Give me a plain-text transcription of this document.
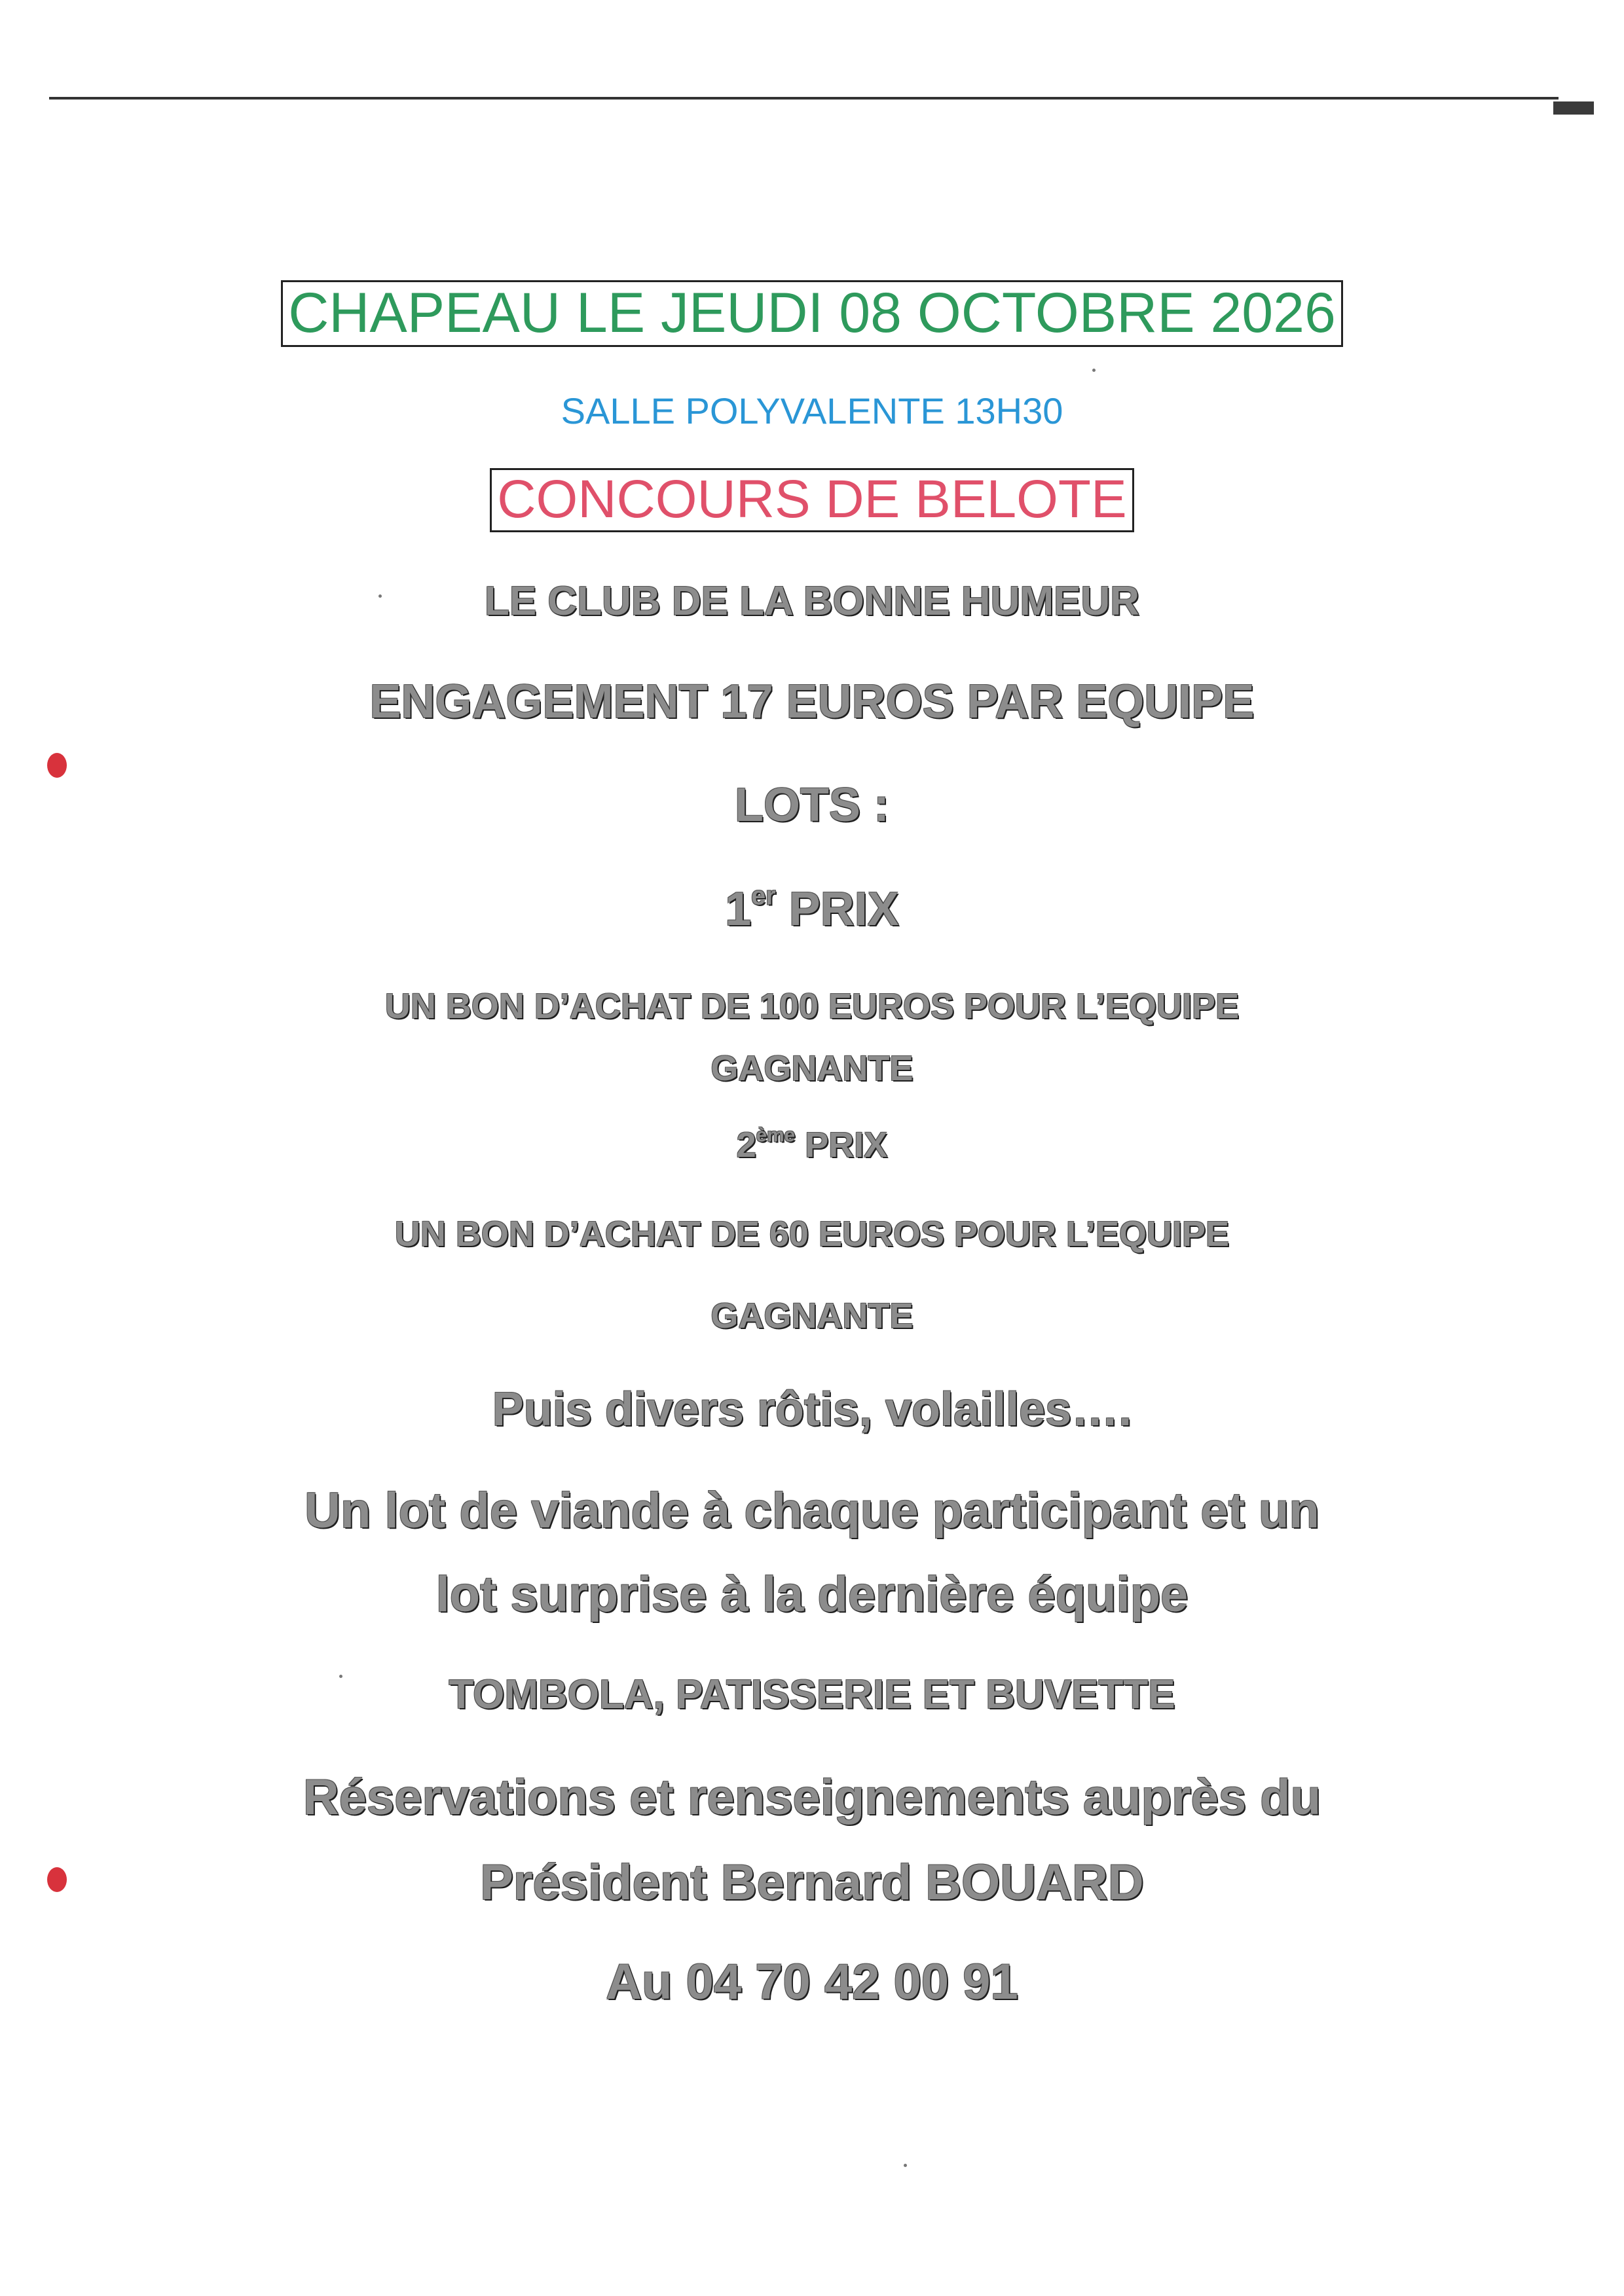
CHAPEAU LE JEUDI 08 OCTOBRE 2026
SALLE POLYVALENTE 13H30
CONCOURS DE BELOTE
LE CLUB DE LA BONNE HUMEUR
ENGAGEMENT 17 EUROS PAR EQUIPE
LOTS :
1er PRIX
UN BON D’ACHAT DE 100 EUROS POUR L’EQUIPE
GAGNANTE
2ème PRIX
UN BON D’ACHAT DE 60 EUROS POUR L’EQUIPE
GAGNANTE
Puis divers rôtis, volailles….
Un lot de viande à chaque participant et un
lot surprise à la dernière équipe
TOMBOLA, PATISSERIE ET BUVETTE
Réservations et renseignements auprès du
Président Bernard BOUARD
Au 04 70 42 00 91
